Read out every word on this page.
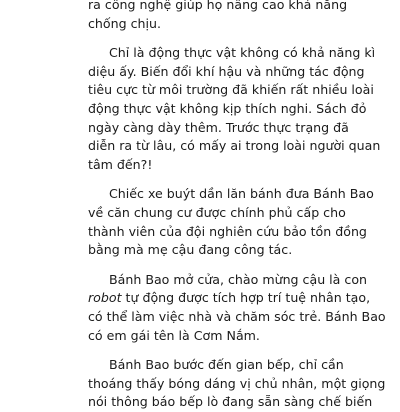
ra công nghệ giúp họ nâng cao khả năng
chống chịu.
Chỉ là động thực vật không có khả năng kì
diệu ấy. Biến đổi khí hậu và những tác động
tiêu cực từ môi trường đã khiến rất nhiều loài
động thực vật không kịp thích nghi. Sách đỏ
ngày càng dày thêm. Trước thực trạng đã
diễn ra từ lâu, có mấy ai trong loài người quan
tâm đến?!
Chiếc xe buýt dần lăn bánh đưa Bánh Bao
về căn chung cư được chính phủ cấp cho
thành viên của đội nghiên cứu bảo tồn đồng
bằng mà mẹ cậu đang công tác.
Bánh Bao mở cửa, chào mừng cậu là con
robot tự động được tích hợp trí tuệ nhân tạo,
có thể làm việc nhà và chăm sóc trẻ. Bánh Bao
có em gái tên là Cơm Nắm.
Bánh Bao bước đến gian bếp, chỉ cần
thoáng thấy bóng dáng vị chủ nhân, một giọng
nói thông báo bếp lò đang sẵn sàng chế biến
